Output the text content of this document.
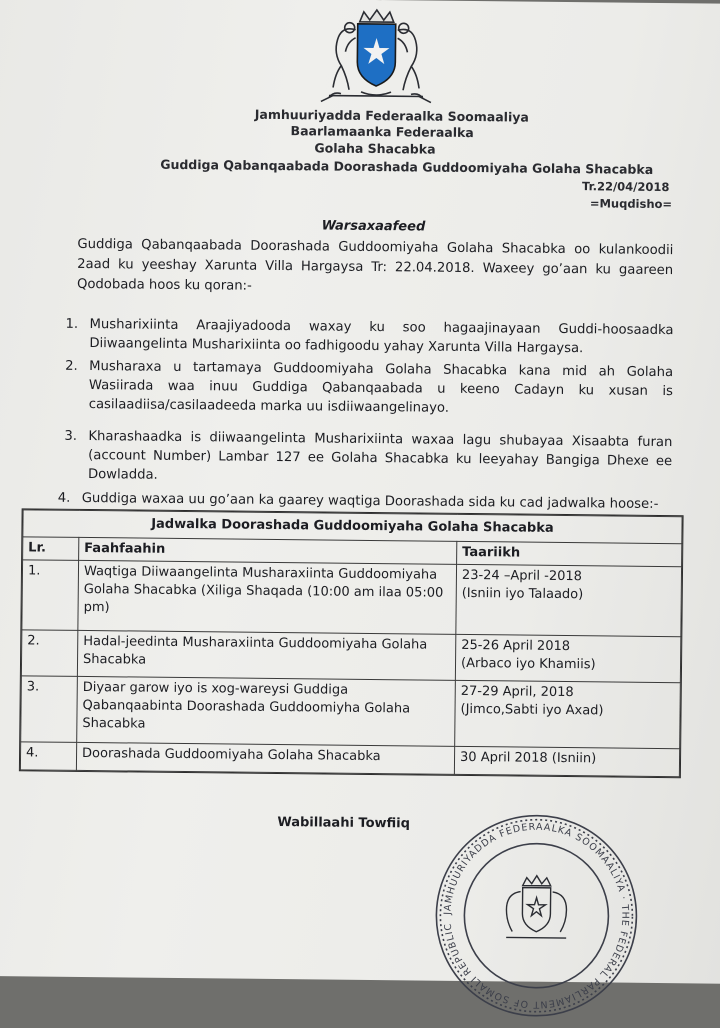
Jamhuuriyadda Federaalka Soomaaliya
Baarlamaanka Federaalka
Golaha Shacabka
Guddiga Qabanqaabada Doorashada Guddoomiyaha Golaha Shacabka
Tr.22/04/2018
=Muqdisho=
Warsaxaafeed
Guddiga Qabanqaabada Doorashada Guddoomiyaha Golaha Shacabka oo kulankoodii 2aad ku yeeshay Xarunta Villa Hargaysa Tr: 22.04.2018. Waxeey go’aan ku gaareen Qodobada hoos ku qoran:-
1. Musharixiinta Araajiyadooda waxay ku soo hagaajinayaan Guddi-hoosaadka Diiwaangelinta Musharixiinta oo fadhigoodu yahay Xarunta Villa Hargaysa.
2. Musharaxa u tartamaya Guddoomiyaha Golaha Shacabka kana mid ah Golaha Wasiirada waa inuu Guddiga Qabanqaabada u keeno Cadayn ku xusan is casilaadiisa/casilaadeeda marka uu isdiiwaangelinayo.
3. Kharashaadka is diiwaangelinta Musharixiinta waxaa lagu shubayaa Xisaabta furan (account Number) Lambar 127 ee Golaha Shacabka ku leeyahay Bangiga Dhexe ee Dowladda.
4. Guddiga waxaa uu go’aan ka gaarey waqtiga Doorashada sida ku cad jadwalka hoose:-
Jadwalka Doorashada Guddoomiyaha Golaha Shacabka		
Lr.	Faahfaahin	Taariikh
1.	Waqtiga Diiwaangelinta Musharaxiinta Guddoomiyaha Golaha Shacabka (Xiliga Shaqada (10:00 am ilaa 05:00 pm)	23-24 –April -2018
(Isniin iyo Talaado)

2.	Hadal-jeedinta Musharaxiinta Guddoomiyaha Golaha Shacabka	25-26 April 2018
(Arbaco iyo Khamiis)

3.	Diyaar garow iyo is xog-wareysi Guddiga Qabanqaabinta Doorashada Guddoomiyha Golaha Shacabka	27-29 April, 2018
(Jimco,Sabti iyo Axad)

4.	Doorashada Guddoomiyaha Golaha Shacabka	30 April 2018 (Isniin)
Wabillaahi Towfiiq
JAMHUURIYADDA FEDERAALKA SOOMAALIYA · THE FEDERAL PARLIAMENT OF SOMALI REPUBLIC
